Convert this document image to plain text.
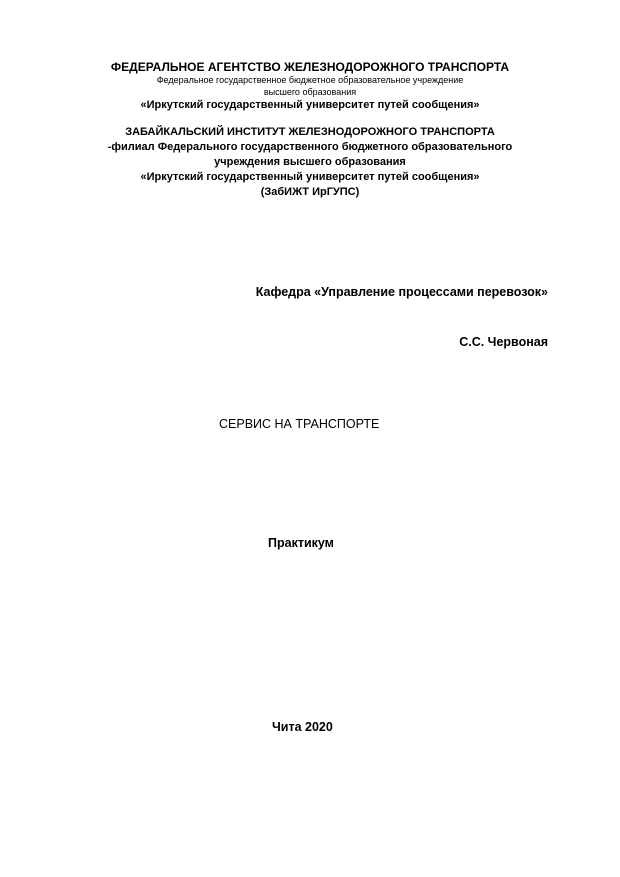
ФЕДЕРАЛЬНОЕ АГЕНТСТВО ЖЕЛЕЗНОДОРОЖНОГО ТРАНСПОРТА
Федеральное государственное бюджетное образовательное учреждение
высшего образования
«Иркутский государственный университет путей сообщения»
ЗАБАЙКАЛЬСКИЙ ИНСТИТУТ ЖЕЛЕЗНОДОРОЖНОГО ТРАНСПОРТА
-филиал Федерального государственного бюджетного образовательного
учреждения высшего образования
«Иркутский государственный университет путей сообщения»
(ЗабИЖТ ИрГУПС)
Кафедра «Управление процессами перевозок»
С.С. Червоная
СЕРВИС НА ТРАНСПОРТЕ
Практикум
Чита 2020
